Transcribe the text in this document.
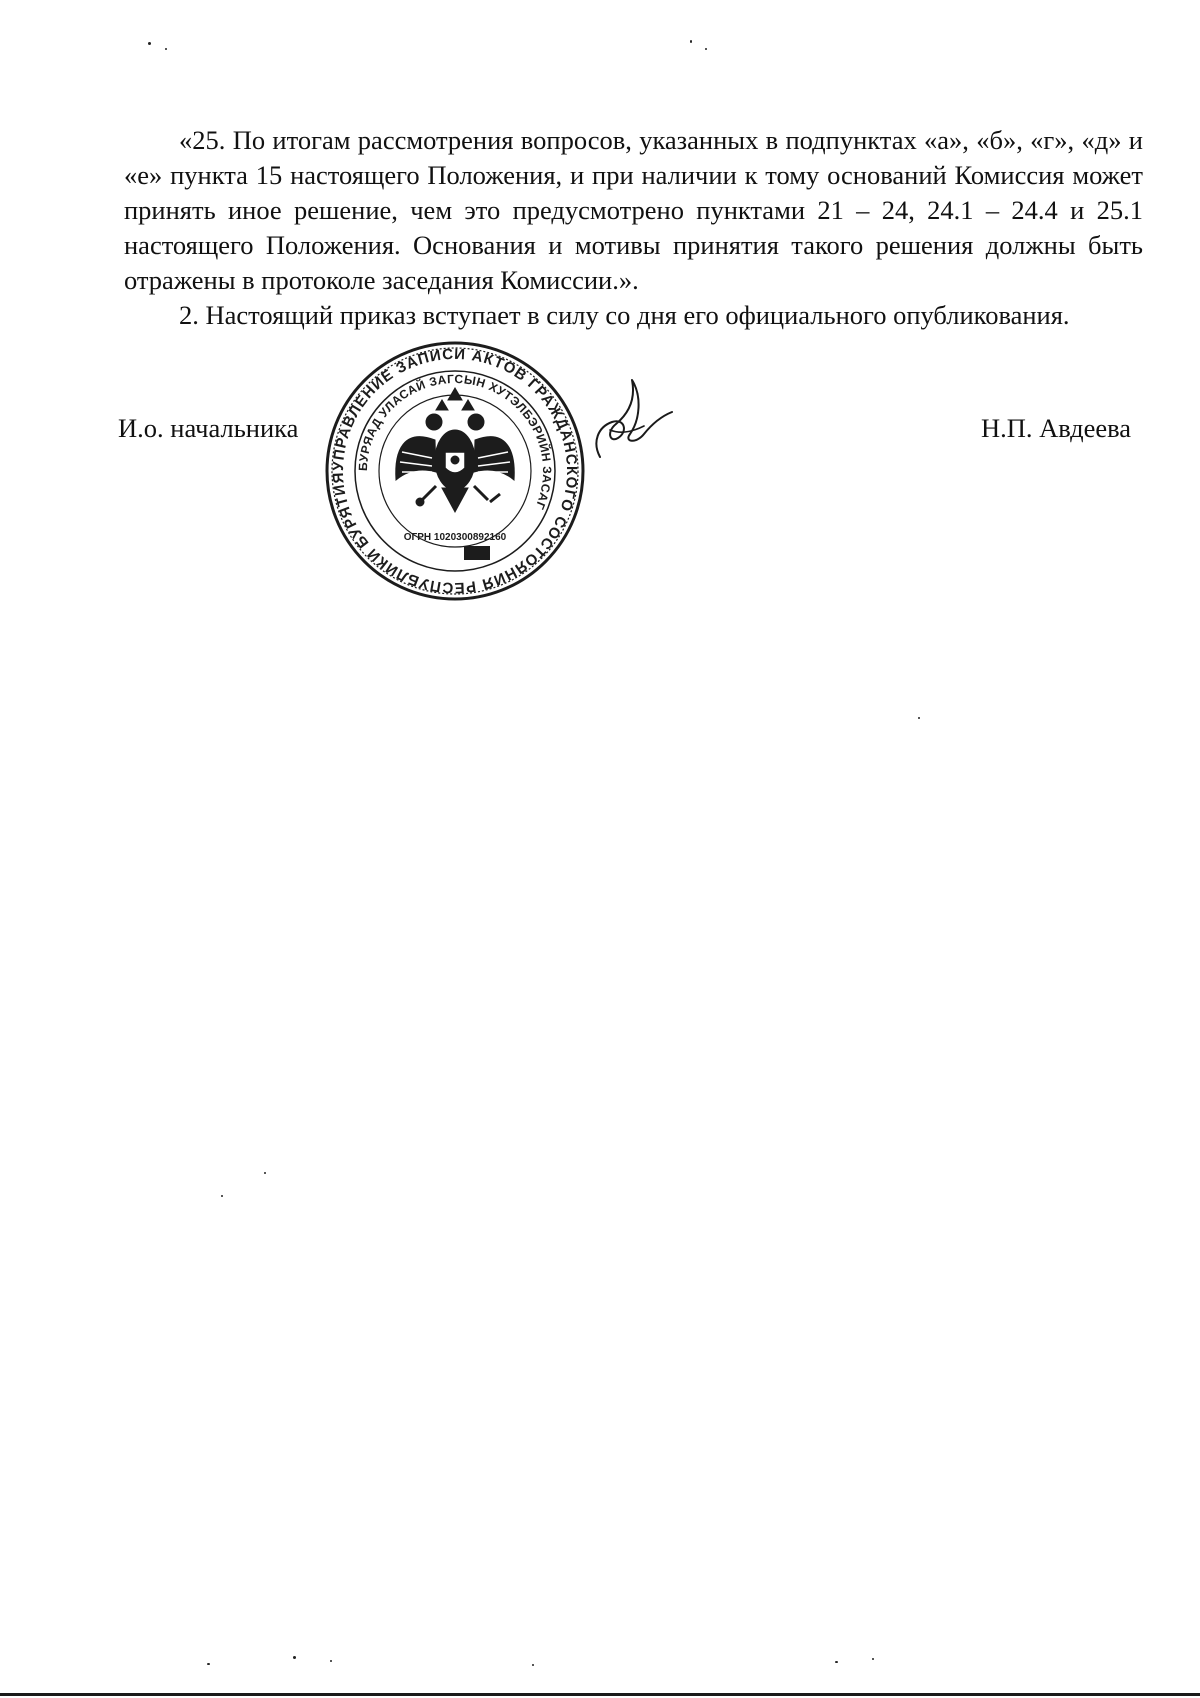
«25. По итогам рассмотрения вопросов, указанных в подпунктах «а», «б», «г», «д» и «е» пункта 15 настоящего Положения, и при наличии к тому оснований Комиссия может принять иное решение, чем это предусмотрено пунктами 21 – 24, 24.1 – 24.4 и 25.1 настоящего Положения. Основания и мотивы принятия такого решения должны быть отражены в протоколе заседания Комиссии.».

2. Настоящий приказ вступает в силу со дня его официального опубликования.

И.о. начальника
УПРАВЛЕНИЕ ЗАПИСИ АКТОВ ГРАЖДАНСКОГО СОСТОЯНИЯ РЕСПУБЛИКИ БУРЯТИЯ
БУРЯАД УЛАСАЙ ЗАГСЫН ХУТЭЛБЭРИЙН ЗАСАГ
ОГРН 1020300892160
Н.П. Авдеева
